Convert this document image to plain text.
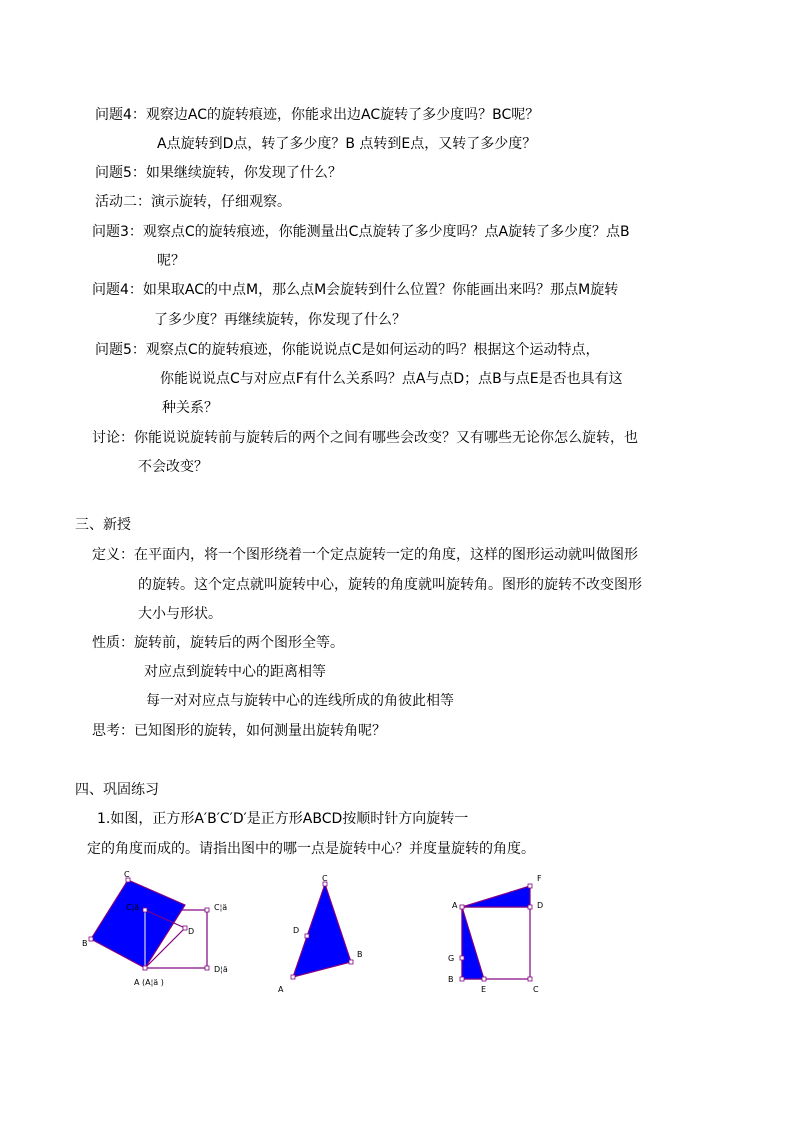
问题4：观察边AC的旋转痕迹，你能求出边AC旋转了多少度吗？BC呢？
A点旋转到D点，转了多少度？B 点转到E点，又转了多少度？
问题5：如果继续旋转，你发现了什么？
活动二：演示旋转，仔细观察。
问题3：观察点C的旋转痕迹，你能测量出C点旋转了多少度吗？点A旋转了多少度？点B
呢？
问题4：如果取AC的中点M，那么点M会旋转到什么位置？你能画出来吗？那点M旋转
了多少度？再继续旋转，你发现了什么？
问题5：观察点C的旋转痕迹，你能说说点C是如何运动的吗？根据这个运动特点，
你能说说点C与对应点F有什么关系吗？点A与点D；点B与点E是否也具有这
种关系？
讨论：你能说说旋转前与旋转后的两个之间有哪些会改变？又有哪些无论你怎么旋转，也
不会改变？
三、新授
定义：在平面内，将一个图形绕着一个定点旋转一定的角度，这样的图形运动就叫做图形
的旋转。这个定点就叫旋转中心，旋转的角度就叫旋转角。图形的旋转不改变图形
大小与形状。
性质：旋转前，旋转后的两个图形全等。
对应点到旋转中心的距离相等
每一对对应点与旋转中心的连线所成的角彼此相等
思考：已知图形的旋转，如何测量出旋转角呢？
四、巩固练习
1.如图，正方形A′B′C′D′是正方形ABCD按顺时针方向旋转一
定的角度而成的。请指出图中的哪一点是旋转中心？并度量旋转的角度。
C
B
D
C¦ä	C¦ä
D¦ä
A (A¦ä )
C
D
B
A
F
A	D
G
B
E	C
